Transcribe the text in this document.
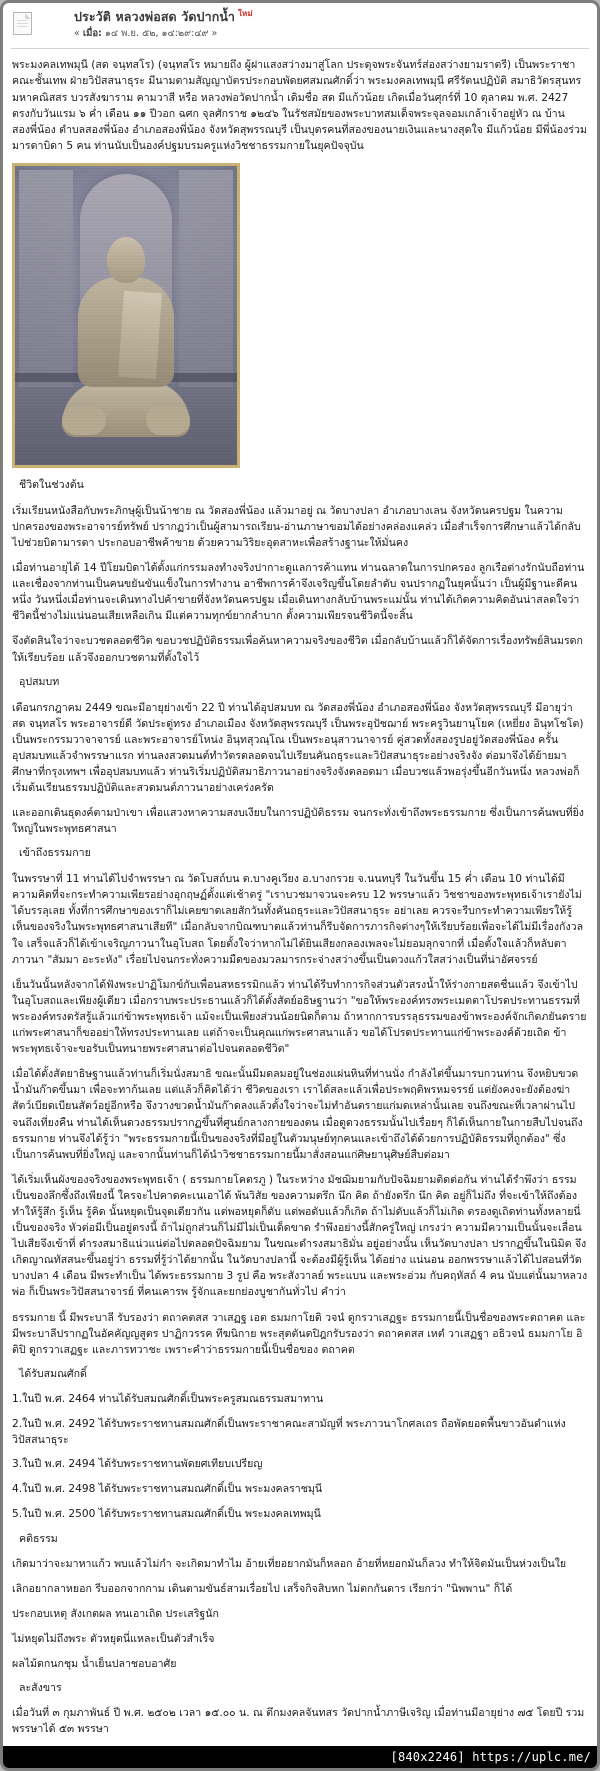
ประวัติ หลวงพ่อสด วัดปากน้ำ $^{ใหม่}$
« เมื่อ: ๑๔ พ.ย. ๕๒, ๑๔:๒๙:๔๙ »

พระมงคลเทพมุนี (สด จนฺทสโร) (จนฺทสโร หมายถึง ผู้ฝาแสงสว่างมาสู่โลก ประดุจพระจันทร์ส่องสว่างยามราตรี) เป็นพระราชาคณะชั้นเทพ ฝ่ายวิปัสสนาธุระ มีนามตามสัญญาบัตรประกอบพัดยศสมณศักดิ์ว่า พระมงคลเทพมุนี ศรีรัตนปฏิบัติ สมาธิวัตรสุนทร มหาคณิสสร บวรสังฆาราม คามวาสี หรือ หลวงพ่อวัดปากน้ำ เดิมชื่อ สด มีแก้วน้อย เกิดเมื่อวันศุกร์ที่ 10 ตุลาคม พ.ศ. 2427 ตรงกับวันแรม ๖ ค่ำ เดือน ๑๑ ปีวอก ฉศก จุลศักราช ๑๒๔๖ ในรัชสมัยของพระบาทสมเด็จพระจุลจอมเกล้าเจ้าอยู่หัว ณ บ้านสองพี่น้อง ตำบลสองพี่น้อง อำเภอสองพี่น้อง จังหวัดสุพรรณบุรี เป็นบุตรคนที่สองของนายเงินและนางสุดใจ มีแก้วน้อย มีพี่น้องร่วมมารดาบิดา 5 คน ท่านนับเป็นองค์ปฐมบรมครูแห่งวิชชาธรรมกายในยุคปัจจุบัน

ชีวิตในช่วงต้น

เริ่มเรียนหนังสือกับพระภิกษุผู้เป็นน้าชาย ณ วัดสองพี่น้อง แล้วมาอยู่ ณ วัดบางปลา อำเภอบางเลน จังหวัดนครปฐม ในความปกครองของพระอาจารย์ทรัพย์ ปรากฏว่าเป็นผู้สามารถเรียน-อ่านภาษาขอมได้อย่างคล่องแคล่ว เมื่อสำเร็จการศึกษาแล้วได้กลับไปช่วยบิดามารดา ประกอบอาชีพค้าขาย ด้วยความวิริยะอุตสาหะเพื่อสร้างฐานะให้มั่นคง

เมื่อท่านอายุได้ 14 ปีโยมบิดาได้ตั้งแก่กรรมลงทำงจริงปากาะดูแลการค้าแทน ท่านฉลาดในการปกครอง ลูกเรือต่างรักนับถือท่านและเชื่องจากท่านเป็นคนขยันขันแข็งในการทำงาน อาชีพการค้าจึงเจริญขึ้นโดยลำดับ จนปรากฏในยุคนั้นว่า เป็นผู้มีฐานะดีคนหนึ่ง วันหนึ่งเมื่อท่านจะเดินทางไปค้าขายที่จังหวัดนครปฐม เมื่อเดินทางกลับบ้านพระแม่นั้น ท่านได้เกิดความคิดอันน่าสลดใจว่า ชีวิตนี้ช่างไม่แน่นอนเสียเหลือเกิน มีแต่ความทุกข์ยากลำบาก ตั้งความเพียรจนชีวิตนี้จะสิ้น

จึงตัดสินใจว่าจะบวชตลอดชีวิต ขอบวชปฏิบัติธรรมเพื่อค้นหาความจริงของชีวิต เมื่อกลับบ้านแล้วก็ได้จัดการเรื่องทรัพย์สินมรดกให้เรียบร้อย แล้วจึงออกบวชตามที่ตั้งใจไว้

อุปสมบท

เดือนกรกฎาคม 2449 ขณะมีอายุย่างเข้า 22 ปี ท่านได้อุปสมบท ณ วัดสองพี่น้อง อำเภอสองพี่น้อง จังหวัดสุพรรณบุรี มีอายุว่า สด จนฺทสโร พระอาจารย์ดี วัดประดู่ทรง อำเภอเมือง จังหวัดสุพรรณบุรี เป็นพระอุปัชฌาย์ พระครูวินยานุโยค (เหยี่ยง อินฺทโชโต) เป็นพระกรรมวาจาจารย์ และพระอาจารย์โหน่ง อินฺทสุวณฺโณ เป็นพระอนุสาวนาจารย์ คู่สวดทั้งสองรูปอยู่วัดสองพี่น้อง ครั้นอุปสมบทแล้วจำพรรษาแรก ท่านลงสวดมนต์ทำวัตรตลอดจนไปเรียนคันถธุระและวิปัสสนาธุระอย่างจริงจัง ต่อมาจึงได้ย้ายมาศึกษาที่กรุงเทพฯ เพื่ออุปสมบทแล้ว ท่านริเริ่มปฏิบัติสมาธิภาวนาอย่างจริงจังตลอดมา เมื่อบวชแล้วพอรุ่งขึ้นอีกวันหนึ่ง หลวงพ่อก็เริ่มต้นเรียนธรรมปฏิบัติและสวดมนต์ภาวนาอย่างเคร่งครัด

และออกเดินธุดงค์ตามป่าเขา เพื่อแสวงหาความสงบเงียบในการปฏิบัติธรรม จนกระทั่งเข้าถึงพระธรรมกาย ซึ่งเป็นการค้นพบที่ยิ่งใหญ่ในพระพุทธศาสนา

เข้าถึงธรรมกาย

ในพรรษาที่ 11 ท่านได้ไปจำพรรษา ณ วัดโบสถ์บน ต.บางคูเวียง อ.บางกรวย จ.นนทบุรี ในวันขึ้น 15 ค่ำ เดือน 10 ท่านได้มีความคิดที่จะกระทำความเพียรอย่างอุกฤษฏ์ตั้งแต่เช้าตรู่ "เราบวชมาจวนจะครบ 12 พรรษาแล้ว วิชชาของพระพุทธเจ้าเรายังไม่ได้บรรลุเลย ทั้งที่การศึกษาของเราก็ไม่เคยขาดเลยสักวันทั้งคันถธุระและวิปัสสนาธุระ อย่าเลย ควรจะรีบกระทำความเพียรให้รู้เห็นของจริงในพระพุทธศาสนาเสียที" เมื่อกลับจากบิณฑบาตแล้วท่านก็รีบจัดการภารกิจต่างๆให้เรียบร้อยเพื่อจะได้ไม่มีเรื่องกังวลใจ เสร็จแล้วก็ได้เข้าเจริญภาวนาในอุโบสถ โดยตั้งใจว่าหากไม่ได้ยินเสียงกลองเพลจะไม่ยอมลุกจากที่ เมื่อตั้งใจแล้วก็หลับตาภาวนา "สัมมา อะระหัง" เรื่อยไปจนกระทั่งความมืดของมวลมารกระจ่างสว่างขึ้นเป็นดวงแก้วใสสว่างเป็นที่น่าอัศจรรย์

เย็นวันนั้นหลังจากได้ฟังพระปาฏิโมกข์กับเพื่อนสหธรรมิกแล้ว ท่านได้รีบทำการกิจส่วนตัวสรงน้ำให้ร่างกายสดชื่นแล้ว จึงเข้าไปในอุโบสถและเพียงผู้เดียว เมื่อกราบพระประธานแล้วก็ได้ตั้งสัตย์อธิษฐานว่า "ขอให้พระองค์ทรงพระเมตตาโปรดประทานธรรมที่พระองค์ทรงตรัสรู้แล้วแก่ข้าพระพุทธเจ้า แม้จะเป็นเพียงส่วนน้อยนิดก็ตาม ถ้าหากการบรรลุธรรมของข้าพระองค์จักเกิดภยันตรายแก่พระศาสนาก็ขออย่าให้ทรงประทานเลย แต่ถ้าจะเป็นคุณแก่พระศาสนาแล้ว ขอได้โปรดประทานแก่ข้าพระองค์ด้วยเถิด ข้าพระพุทธเจ้าจะขอรับเป็นทนายพระศาสนาต่อไปจนตลอดชีวิต"

เมื่อได้ตั้งสัตยาธิษฐานแล้วท่านก็เริ่มนั่งสมาธิ ขณะนั้นมีมดลมอยู่ในช่องแผ่นหินที่ท่านนั่ง กำลังไต่ขึ้นมารบกวนท่าน จึงหยิบขวดน้ำมันก๊าดขึ้นมา เพื่อจะทาก้นเลย แต่แล้วก็คิดได้ว่า ชีวิตของเรา เราได้สละแล้วเพื่อประพฤติพรหมจรรย์ แต่ยังคงจะยังต้องฆ่าสัตว์เบียดเบียนสัตว์อยู่อีกหรือ จึงวางขวดน้ำมันก๊าดลงแล้วตั้งใจว่าจะไม่ทำอันตรายแก่มดเหล่านั้นเลย จนถึงขณะที่เวลาผ่านไปจนถึงเที่ยงคืน ท่านได้เห็นดวงธรรมปรากฏขึ้นที่ศูนย์กลางกายของตน เมื่อดูดวงธรรมนั้นไปเรื่อยๆ ก็ได้เห็นกายในกายสืบไปจนถึงธรรมกาย ท่านจึงได้รู้ว่า "พระธรรมกายนี้เป็นของจริงที่มีอยู่ในตัวมนุษย์ทุกคนและเข้าถึงได้ด้วยการปฏิบัติธรรมที่ถูกต้อง" ซึ่งเป็นการค้นพบที่ยิ่งใหญ่ และจากนั้นท่านก็ได้นำวิชชาธรรมกายนี้มาสั่งสอนแก่ศิษยานุศิษย์สืบต่อมา

ได้เริ่มเห็นผังของจริงของพระพุทธเจ้า ( ธรรมกายโคตรภู ) ในระหว่าง มัชฌิมยามกับปัจฉิมยามติดต่อกัน ท่านได้รำพึงว่า ธรรมเป็นของลึกซึ้งถึงเพียงนี้ ใครจะไปคาดคะเนเอาได้ พ้นวิสัย ของความตรึก นึก คิด ถ้ายังตรึก นึก คิด อยู่ก็ไม่ถึง ที่จะเข้าให้ถึงต้องทำให้รู้สึก รู้เห็น รู้คิด นั้นหยุดเป็นจุดเดียวกัน แต่พอหยุดก็ดับ แต่พอดับแล้วก็เกิด ถ้าไม่ดับแล้วก็ไม่เกิด ตรองดูเถิดท่านทั้งหลายนี่เป็นของจริง หัวต่อมีเป็นอยู่ตรงนี้ ถ้าไม่ถูกส่วนก็ไม่มีไม่เป็นเด็ดขาด รำพึงอย่างนี้สักครู่ใหญ่ เกรงว่า ความมีความเป็นนั้นจะเลื่อนไปเสียจึงเข้าที่ ดำรงสมาธิแน่วแน่ต่อไปตลอดปัจฉิมยาม ในขณะดำรงสมาธิมั่น อยู่อย่างนั้น เห็นวัดบางปลา ปรากฏขึ้นในนิมิต จึงเกิดญาณทัสสนะขึ้นอยู่ว่า ธรรมที่รู้ว่าได้ยากนั้น ในวัดบางปลานี้ จะต้องมีผู้รู้เห็น ได้อย่าง แน่นอน ออกพรรษาแล้วได้ไปสอนที่วัดบางปลา 4 เดือน มีพระทำเป็น ได้พระธรรมกาย 3 รูป คือ พระสังวาลย์ พระแบน และพระอ่วม กับคฤหัสถ์ 4 คน นับแต่นั้นมาหลวงพ่อ ก็เป็นพระวิปัสสนาจารย์ ที่คนเคารพ รู้จักและยกย่องบูชากันทั่วไป คำว่า

ธรรมกาย นี้ มีพระบาลี รับรองว่า ตถาคตสส วาเสฏฐ เอต ธมมกาโยติ วจนํ ดูกรวาเสฏฐะ ธรรมกายนี้เป็นชื่อของพระตถาคต และมีพระบาลีปรากฏในอัคคัญญสูตร ปาฏิกวรรค ทีฆนิกาย พระสุตตันตปิฎกรับรองว่า ตถาคตสส เหตํ วาเสฏฐา อธิวจนํ ธมมกาโย อิติปิ ดูกรวาเสฏฐะ และภารทวาชะ เพราะคำว่าธรรมกายนี้เป็นชื่อของ ตถาคต

ได้รับสมณศักดิ์

1.ในปี พ.ศ. 2464 ท่านได้รับสมณศักดิ์เป็นพระครูสมณธรรมสมาทาน

2.ในปี พ.ศ. 2492 ได้รับพระราชทานสมณศักดิ์เป็นพระราชาคณะสามัญที่ พระภาวนาโกศลเถร ถือพัดยอดพื้นขาวอันดำแห่งวิปัสสนาธุระ

3.ในปี พ.ศ. 2494 ได้รับพระราชทานพัดยศเทียบเปรียญ

4.ในปี พ.ศ. 2498 ได้รับพระราชทานสมณศักดิ์เป็น พระมงคลราชมุนี

5.ในปี พ.ศ. 2500 ได้รับพระราชทานสมณศักดิ์เป็น พระมงคลเทพมุนี

คติธรรม

เกิดมาว่าจะมาหาแก้ว พบแล้วไม่กำ จะเกิดมาทำไม อ้ายเที่ยอยากมันก็หลอก อ้ายที่หยอกมันก็ลวง ทำให้จิตมันเป็นห่วงเป็นใย

เลิกอยากลาหยอก รีบออกจากกาม เดินตามขันธ์สามเรื่อยไป เสร็จกิจสิบหก ไม่ตกกันดาร เรียกว่า "นิพพาน" ก็ได้

ประกอบเหตุ สังเกตผล ทนเอาเถิด ประเสริฐนัก

ไม่หยุดไม่ถึงพระ ตัวหยุดนี่แหละเป็นตัวสำเร็จ

ผลไม้ดกนกชุม น้ำเย็นปลาชอบอาศัย

ละสังขาร

เมื่อวันที่ ๓ กุมภาพันธ์ ปี พ.ศ. ๒๕๐๒ เวลา ๑๕.๐๐ น. ณ ตึกมงคลจันทสร วัดปากน้ำภาษีเจริญ เมื่อท่านมีอายุย่าง ๗๕ โดยปี รวมพรรษาได้ ๕๓ พรรษา

[840x2246] https://uplc.me/
